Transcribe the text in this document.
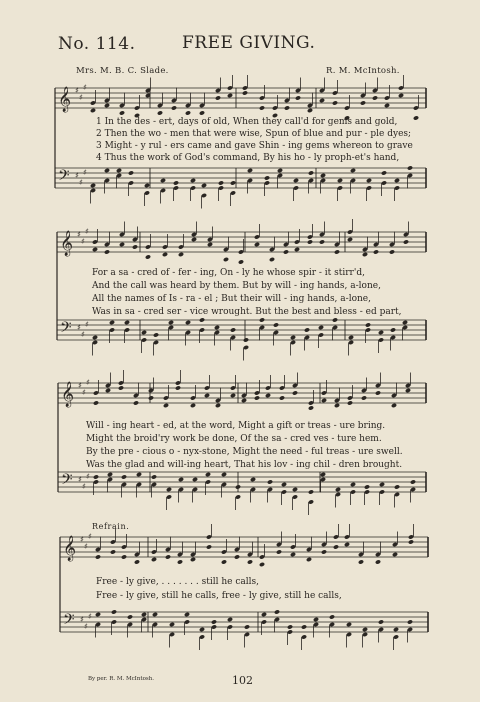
No. 114.	FREE GIVING.
Mrs. M. B. C. Slade.	R. M. McIntosh.
𝄞
𝄢
♯
♯
♯
♯
♯
♯
𝄞
𝄢
♯
♯
♯
♯
♯
♯
𝄞
𝄢
♯
♯
♯
♯
♯
♯
𝄞
𝄢
♯
♯
♯
♯
♯
♯
1 In the des - ert, days of old, When they call'd for gems and gold,
2 Then the wo - men that were wise, Spun of blue and pur - ple dyes;
3 Might - y rul - ers came and gave Shin - ing gems whereon to grave
4 Thus the work of God's command, By his ho - ly proph-et's hand,
For a sa - cred of - fer - ing, On - ly he whose spir - it stirr'd,
And the call was heard by them. But by will - ing hands, a-lone,
All the names of Is - ra - el ; But their will - ing hands, a-lone,
Was in sa - cred ser - vice wrought. But the best and bless - ed part,
Will - ing heart - ed, at the word, Might a gift or treas - ure bring.
Might the broid'ry work be done, Of the sa - cred ves - ture hem.
By the pre - cious o - nyx-stone, Might the need - ful treas - ure swell.
Was the glad and will-ing heart, That his lov - ing chil - dren brought.
Refrain.
Free - ly give, . . . . . . . still he calls,
Free - ly give, still he calls, free - ly give, still he calls,
By per. R. M. McIntosh.	102
